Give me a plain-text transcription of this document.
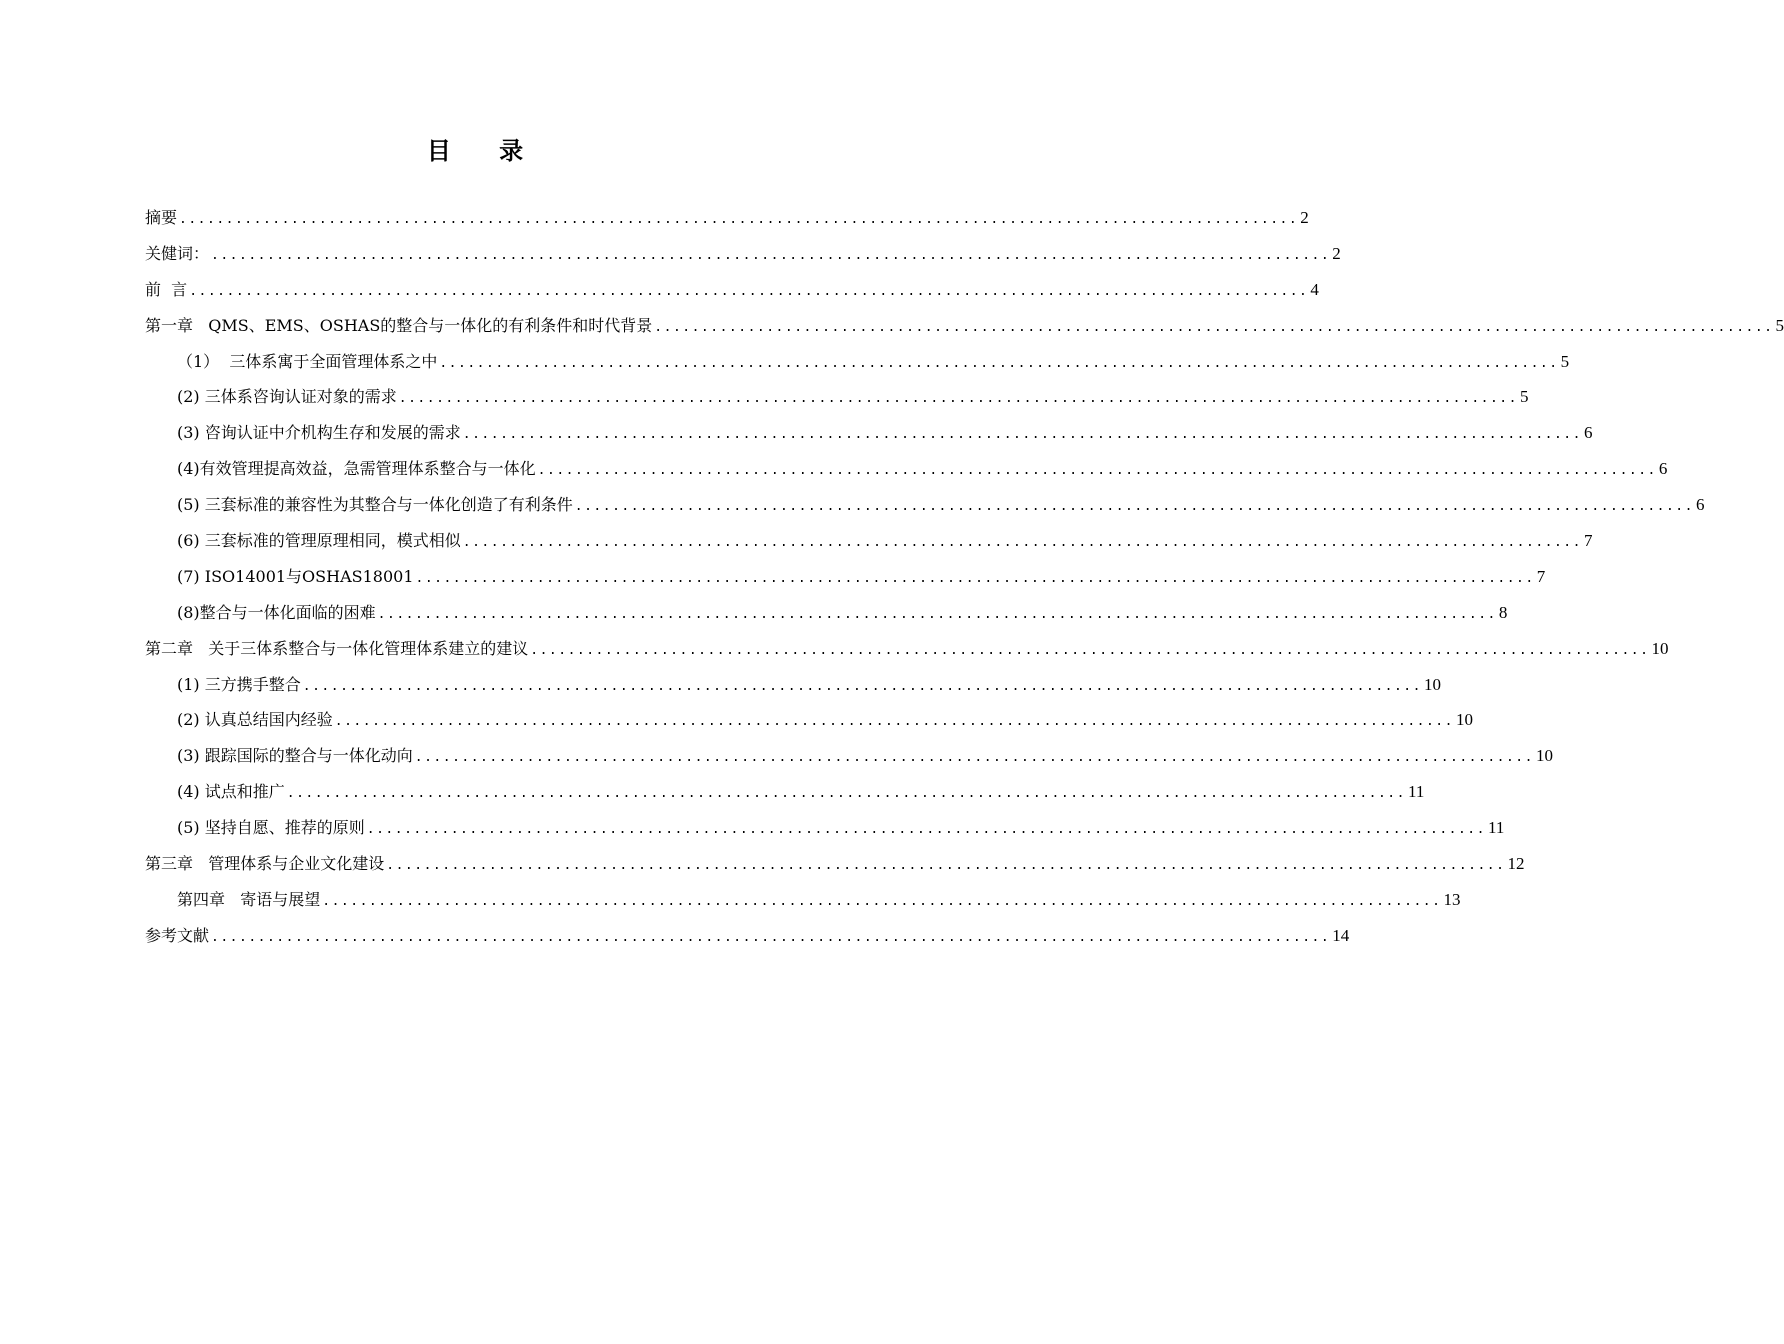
目 录
摘要 ........................................................................................................................ 2
关健词： ........................................................................................................................ 2
前  言 ........................................................................................................................ 4
第一章   QMS、EMS、OSHAS的整合与一体化的有利条件和时代背景 ........................................................................................................................ 5
（1）  三体系寓于全面管理体系之中 ........................................................................................................................ 5
(2) 三体系咨询认证对象的需求 ........................................................................................................................ 5
(3) 咨询认证中介机构生存和发展的需求 ........................................................................................................................ 6
(4)有效管理提高效益，急需管理体系整合与一体化 ........................................................................................................................ 6
(5) 三套标准的兼容性为其整合与一体化创造了有利条件 ........................................................................................................................ 6
(6) 三套标准的管理原理相同，模式相似 ........................................................................................................................ 7
(7) ISO14001与OSHAS18001 ........................................................................................................................ 7
(8)整合与一体化面临的困难 ........................................................................................................................ 8
第二章   关于三体系整合与一体化管理体系建立的建议 ........................................................................................................................ 10
(1) 三方携手整合 ........................................................................................................................ 10
(2) 认真总结国内经验 ........................................................................................................................ 10
(3) 跟踪国际的整合与一体化动向 ........................................................................................................................ 10
(4) 试点和推广 ........................................................................................................................ 11
(5) 坚持自愿、推荐的原则 ........................................................................................................................ 11
第三章   管理体系与企业文化建设 ........................................................................................................................ 12
第四章   寄语与展望 ........................................................................................................................ 13
参考文献 ........................................................................................................................ 14
